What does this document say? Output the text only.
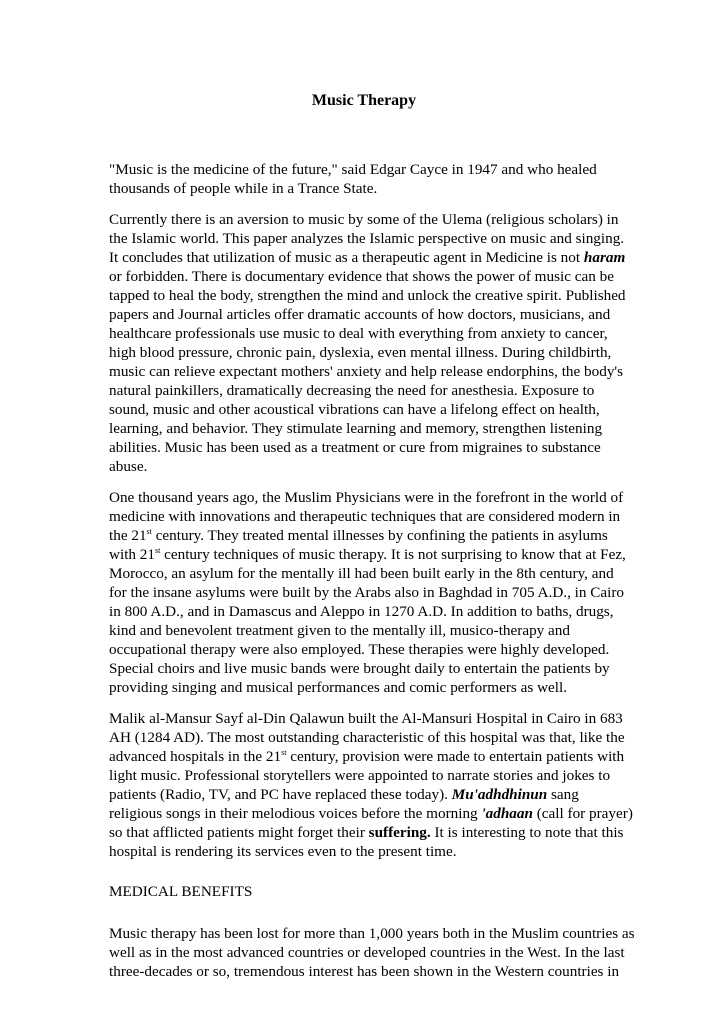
Music Therapy
"Music is the medicine of the future," said Edgar Cayce in 1947 and who healed
thousands of people while in a Trance State.
Currently there is an aversion to music by some of the Ulema (religious scholars) in
the Islamic world. This paper analyzes the Islamic perspective on music and singing.
It concludes that utilization of music as a therapeutic agent in Medicine is not haram
or forbidden. There is documentary evidence that shows the power of music can be
tapped to heal the body, strengthen the mind and unlock the creative spirit. Published
papers and Journal articles offer dramatic accounts of how doctors, musicians, and
healthcare professionals use music to deal with everything from anxiety to cancer,
high blood pressure, chronic pain, dyslexia, even mental illness. During childbirth,
music can relieve expectant mothers' anxiety and help release endorphins, the body's
natural painkillers, dramatically decreasing the need for anesthesia. Exposure to
sound, music and other acoustical vibrations can have a lifelong effect on health,
learning, and behavior. They stimulate learning and memory, strengthen listening
abilities. Music has been used as a treatment or cure from migraines to substance
abuse.
One thousand years ago, the Muslim Physicians were in the forefront in the world of
medicine with innovations and therapeutic techniques that are considered modern in
the 21st century. They treated mental illnesses by confining the patients in asylums
with 21st century techniques of music therapy. It is not surprising to know that at Fez,
Morocco, an asylum for the mentally ill had been built early in the 8th century, and
for the insane asylums were built by the Arabs also in Baghdad in 705 A.D., in Cairo
in 800 A.D., and in Damascus and Aleppo in 1270 A.D. In addition to baths, drugs,
kind and benevolent treatment given to the mentally ill, musico-therapy and
occupational therapy were also employed. These therapies were highly developed.
Special choirs and live music bands were brought daily to entertain the patients by
providing singing and musical performances and comic performers as well.
Malik al-Mansur Sayf al-Din Qalawun built the Al-Mansuri Hospital in Cairo in 683
AH (1284 AD). The most outstanding characteristic of this hospital was that, like the
advanced hospitals in the 21st century, provision were made to entertain patients with
light music. Professional storytellers were appointed to narrate stories and jokes to
patients (Radio, TV, and PC have replaced these today). Mu'adhdhinun sang
religious songs in their melodious voices before the morning 'adhaan (call for prayer)
so that afflicted patients might forget their suffering. It is interesting to note that this
hospital is rendering its services even to the present time.
MEDICAL BENEFITS
Music therapy has been lost for more than 1,000 years both in the Muslim countries as
well as in the most advanced countries or developed countries in the West. In the last
three-decades or so, tremendous interest has been shown in the Western countries in
